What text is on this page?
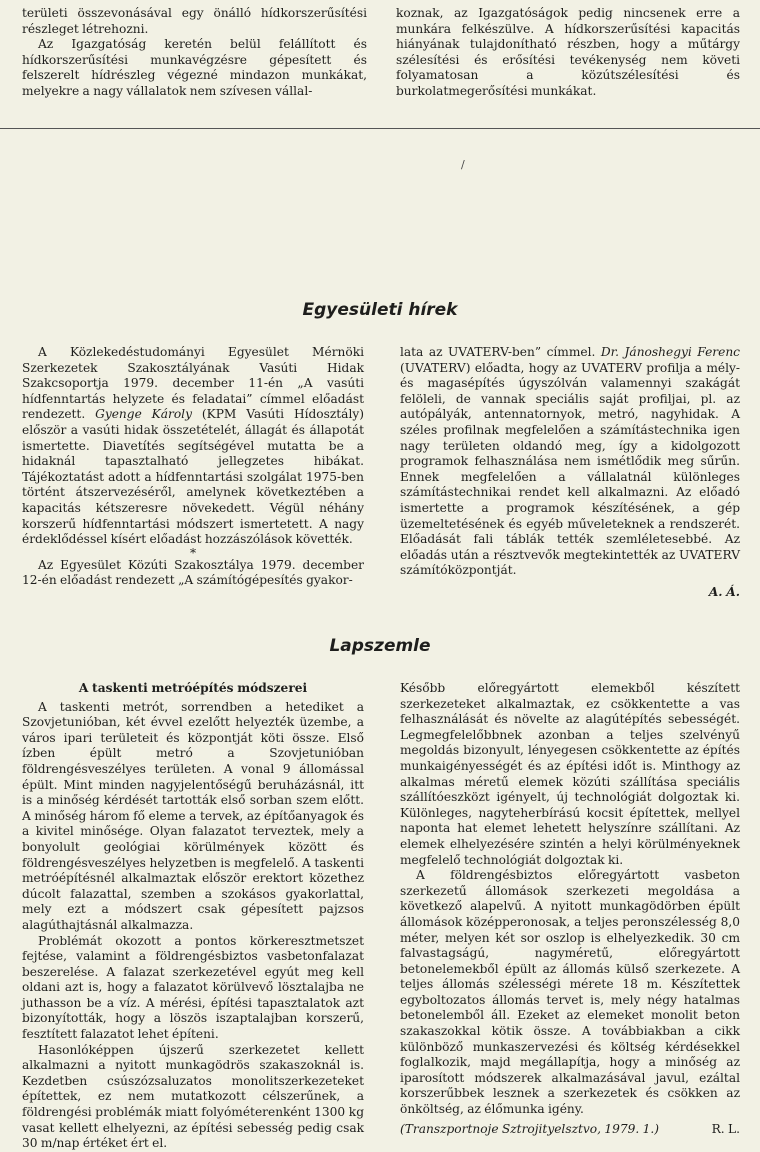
területi összevonásával egy önálló hídkorszerűsítési részleget létrehozni.

Az Igazgatóság keretén belül felállított és hídkorszerűsítési munkavégzésre gépesített és felszerelt hídrészleg végezné mindazon munkákat, melyekre a nagy vállalatok nem szívesen vállal-

koznak, az Igazgatóságok pedig nincsenek erre a munkára felkészülve. A hídkorszerűsítési kapacitás hiányának tulajdonítható részben, hogy a műtárgy szélesítési és erősítési tevékenység nem követi folyamatosan a közútszélesítési és burkolatmegerősítési munkákat.

/
Egyesületi hírek

A Közlekedéstudományi Egyesület Mérnöki Szerkezetek Szakosztályának Vasúti Hidak Szakcsoportja 1979. december 11-én „A vasúti hídfenntartás helyzete és feladatai” címmel előadást rendezett. Gyenge Károly (KPM Vasúti Hídosztály) először a vasúti hidak összetételét, állagát és állapotát ismertette. Diavetítés segítségével mutatta be a hidaknál tapasztalható jellegzetes hibákat. Tájékoztatást adott a hídfenntartási szolgálat 1975-ben történt átszervezéséről, amelynek következtében a kapacitás kétszeresre növekedett. Végül néhány korszerű hídfenntartási módszert ismertetett. A nagy érdeklődéssel kísért előadást hozzászólások követték.

*

Az Egyesület Közúti Szakosztálya 1979. december 12-én előadást rendezett „A számítógépesítés gyakor-

lata az UVATERV-ben” címmel. Dr. Jánoshegyi Ferenc (UVATERV) előadta, hogy az UVATERV profilja a mély- és magasépítés úgyszólván valamennyi szakágát felöleli, de vannak speciális saját profiljai, pl. az autópályák, antennatornyok, metró, nagyhidak. A széles profilnak megfelelően a számítástechnika igen nagy területen oldandó meg, így a kidolgozott programok felhasználása nem ismétlődik meg sűrűn. Ennek megfelelően a vállalatnál különleges számítástechnikai rendet kell alkalmazni. Az előadó ismertette a programok készítésének, a gép üzemeltetésének és egyéb műveleteknek a rendszerét. Előadását fali táblák tették szemléletesebbé. Az előadás után a résztvevők megtekintették az UVATERV számítóközpontját.

A. Á.
Lapszemle
A taskenti metróépítés módszerei

A taskenti metrót, sorrendben a hetediket a Szovjetunióban, két évvel ezelőtt helyezték üzembe, a város ipari területeit és központját köti össze. Első ízben épült metró a Szovjetunióban földrengésveszélyes területen. A vonal 9 állomással épült. Mint minden nagyjelentőségű beruházásnál, itt is a minőség kérdését tartották első sorban szem előtt. A minőség három fő eleme a tervek, az építőanyagok és a kivitel minősége. Olyan falazatot terveztek, mely a bonyolult geológiai körülmények között és földrengésveszélyes helyzetben is megfelelő. A taskenti metróépítésnél alkalmaztak először erektort közethez dúcolt falazattal, szemben a szokásos gyakorlattal, mely ezt a módszert csak gépesített pajzsos alagúthajtásnál alkalmazza.

Problémát okozott a pontos körkeresztmetszet fejtése, valamint a földrengésbiztos vasbetonfalazat beszerelése. A falazat szerkezetével egyút meg kell oldani azt is, hogy a falazatot körülvevő lösztalajba ne juthasson be a víz. A mérési, építési tapasztalatok azt bizonyították, hogy a löszös iszaptalajban korszerű, fesztített falazatot lehet építeni.

Hasonlóképpen újszerű szerkezetet kellett alkalmazni a nyitott munkagödrös szakaszoknál is. Kezdetben csúszózsaluzatos monolitszerkezeteket építettek, ez nem mutatkozott célszerűnek, a földrengési problémák miatt folyóméterenként 1300 kg vasat kellett elhelyezni, az építési sebesség pedig csak 30 m/nap értéket ért el.

Később előregyártott elemekből készített szerkezeteket alkalmaztak, ez csökkentette a vas felhasználását és növelte az alagútépítés sebességét. Legmegfelelőbbnek azonban a teljes szelvényű megoldás bizonyult, lényegesen csökkentette az építés munkaigényességét és az építési időt is. Minthogy az alkalmas méretű elemek közúti szállítása speciális szállítóeszközt igényelt, új technológiát dolgoztak ki. Különleges, nagyteherbírású kocsit építettek, mellyel naponta hat elemet lehetett helyszínre szállítani. Az elemek elhelyezésére szintén a helyi körülményeknek megfelelő technológiát dolgoztak ki.

A földrengésbiztos előregyártott vasbeton szerkezetű állomások szerkezeti megoldása a következő alapelvű. A nyitott munkagödörben épült állomások középperonosak, a teljes peronszélesség 8,0 méter, melyen két sor oszlop is elhelyezkedik. 30 cm falvastagságú, nagyméretű, előregyártott betonelemekből épült az állomás külső szerkezete. A teljes állomás szélességi mérete 18 m. Készítettek egyboltozatos állomás tervet is, mely négy hatalmas betonelemből áll. Ezeket az elemeket monolit beton szakaszokkal kötik össze. A továbbiakban a cikk különböző munkaszervezési és költség kérdésekkel foglalkozik, majd megállapítja, hogy a minőség az iparosított módszerek alkalmazásával javul, ezáltal korszerűbbek lesznek a szerkezetek és csökken az önköltség, az élőmunka igény.

(Transzportnoje Sztrojityelsztvo, 1979. 1.)	R. L.
